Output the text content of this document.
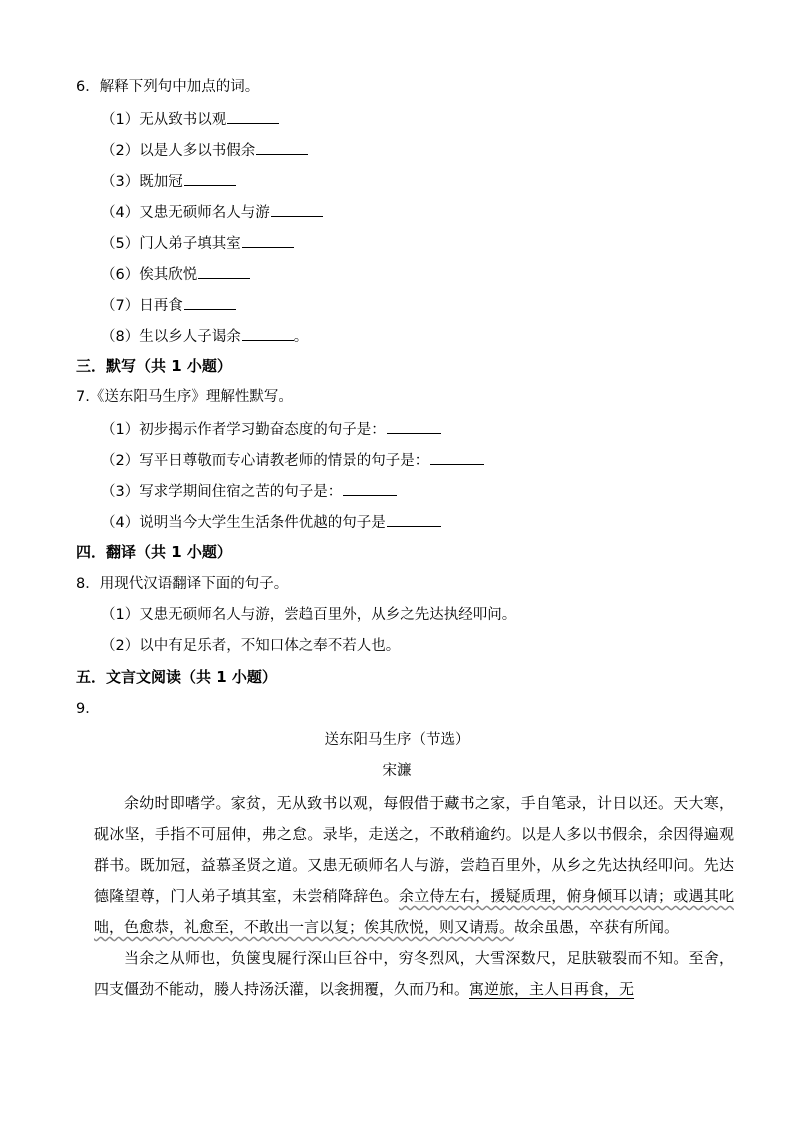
6．解释下列句中加点的词。
（1）无从致书以观
（2）以是人多以书假余
（3）既加冠
（4）又患无硕师名人与游
（5）门人弟子填其室
（6）俟其欣悦
（7）日再食
（8）生以乡人子谒余	。
三．默写（共 1 小题）
7.《送东阳马生序》理解性默写。
（1）初步揭示作者学习勤奋态度的句子是：
（2）写平日尊敬而专心请教老师的情景的句子是：
（3）写求学期间住宿之苦的句子是：
（4）说明当今大学生生活条件优越的句子是
四．翻译（共 1 小题）
8．用现代汉语翻译下面的句子。
（1）又患无硕师名人与游，尝趋百里外，从乡之先达执经叩问。
（2）以中有足乐者，不知口体之奉不若人也。
五．文言文阅读（共 1 小题）
9．
送东阳马生序（节选）
宋濂

余幼时即嗜学。家贫，无从致书以观，每假借于藏书之家，手自笔录，计日以还。天大寒，砚冰坚，手指不可屈伸，弗之怠。录毕，走送之，不敢稍逾约。以是人多以书假余，余因得遍观群书。既加冠，益慕圣贤之道。又患无硕师名人与游，尝趋百里外，从乡之先达执经叩问。先达德隆望尊，门人弟子填其室，未尝稍降辞色。余立侍左右，援疑质理，俯身倾耳以请；或遇其叱咄，色愈恭，礼愈至，不敢出一言以复；俟其欣悦，则又请焉。故余虽愚，卒获有所闻。

当余之从师也，负箧曳屣行深山巨谷中，穷冬烈风，大雪深数尺，足肤皲裂而不知。至舍，四支僵劲不能动，媵人持汤沃灌，以衾拥覆，久而乃和。寓逆旅，主人日再食，无
